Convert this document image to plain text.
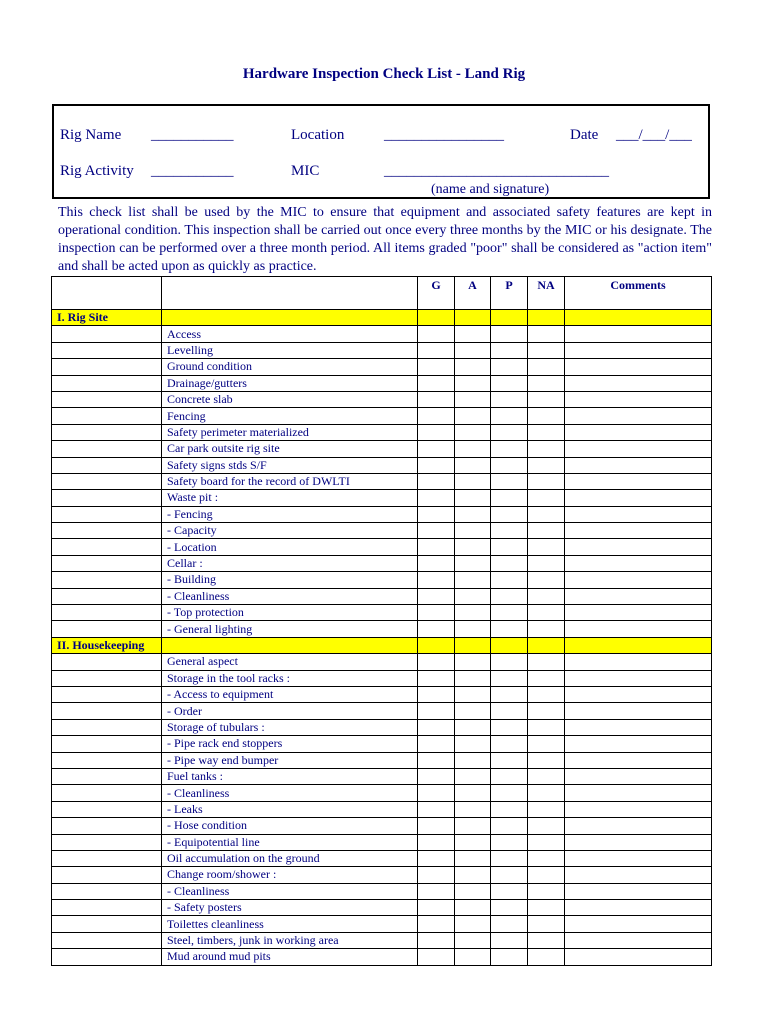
Hardware Inspection Check List - Land Rig
Rig Name ___________	Location	________________	Date ___/___/___
Rig Activity ___________	MIC	______________________________
(name and signature)
This check list shall be used by the MIC to ensure that equipment and associated safety features are kept in operational condition. This inspection shall be carried out once every three months by the MIC or his designate. The inspection can be performed over a three month period. All items graded "poor" shall be considered as "action item" and shall be acted upon as quickly as practice.
		G	A	P	NA	Comments
I. Rig Site						
	Access					
	Levelling					
	Ground condition					
	Drainage/gutters					
	Concrete slab					
	Fencing					
	Safety perimeter materialized					
	Car park outsite rig site					
	Safety signs stds S/F					
	Safety board for the record of DWLTI					
	Waste pit :					
	- Fencing					
	- Capacity					
	- Location					
	Cellar :					
	- Building					
	- Cleanliness					
	- Top protection					
	- General lighting					
II. Housekeeping						
	General aspect					
	Storage in the tool racks :					
	- Access to equipment					
	- Order					
	Storage of tubulars :					
	- Pipe rack end stoppers					
	- Pipe way end bumper					
	Fuel tanks :					
	- Cleanliness					
	- Leaks					
	- Hose condition					
	- Equipotential line					
	Oil accumulation on the ground					
	Change room/shower :					
	- Cleanliness					
	- Safety posters					
	Toilettes cleanliness					
	Steel, timbers, junk in working area					
	Mud around mud pits					
